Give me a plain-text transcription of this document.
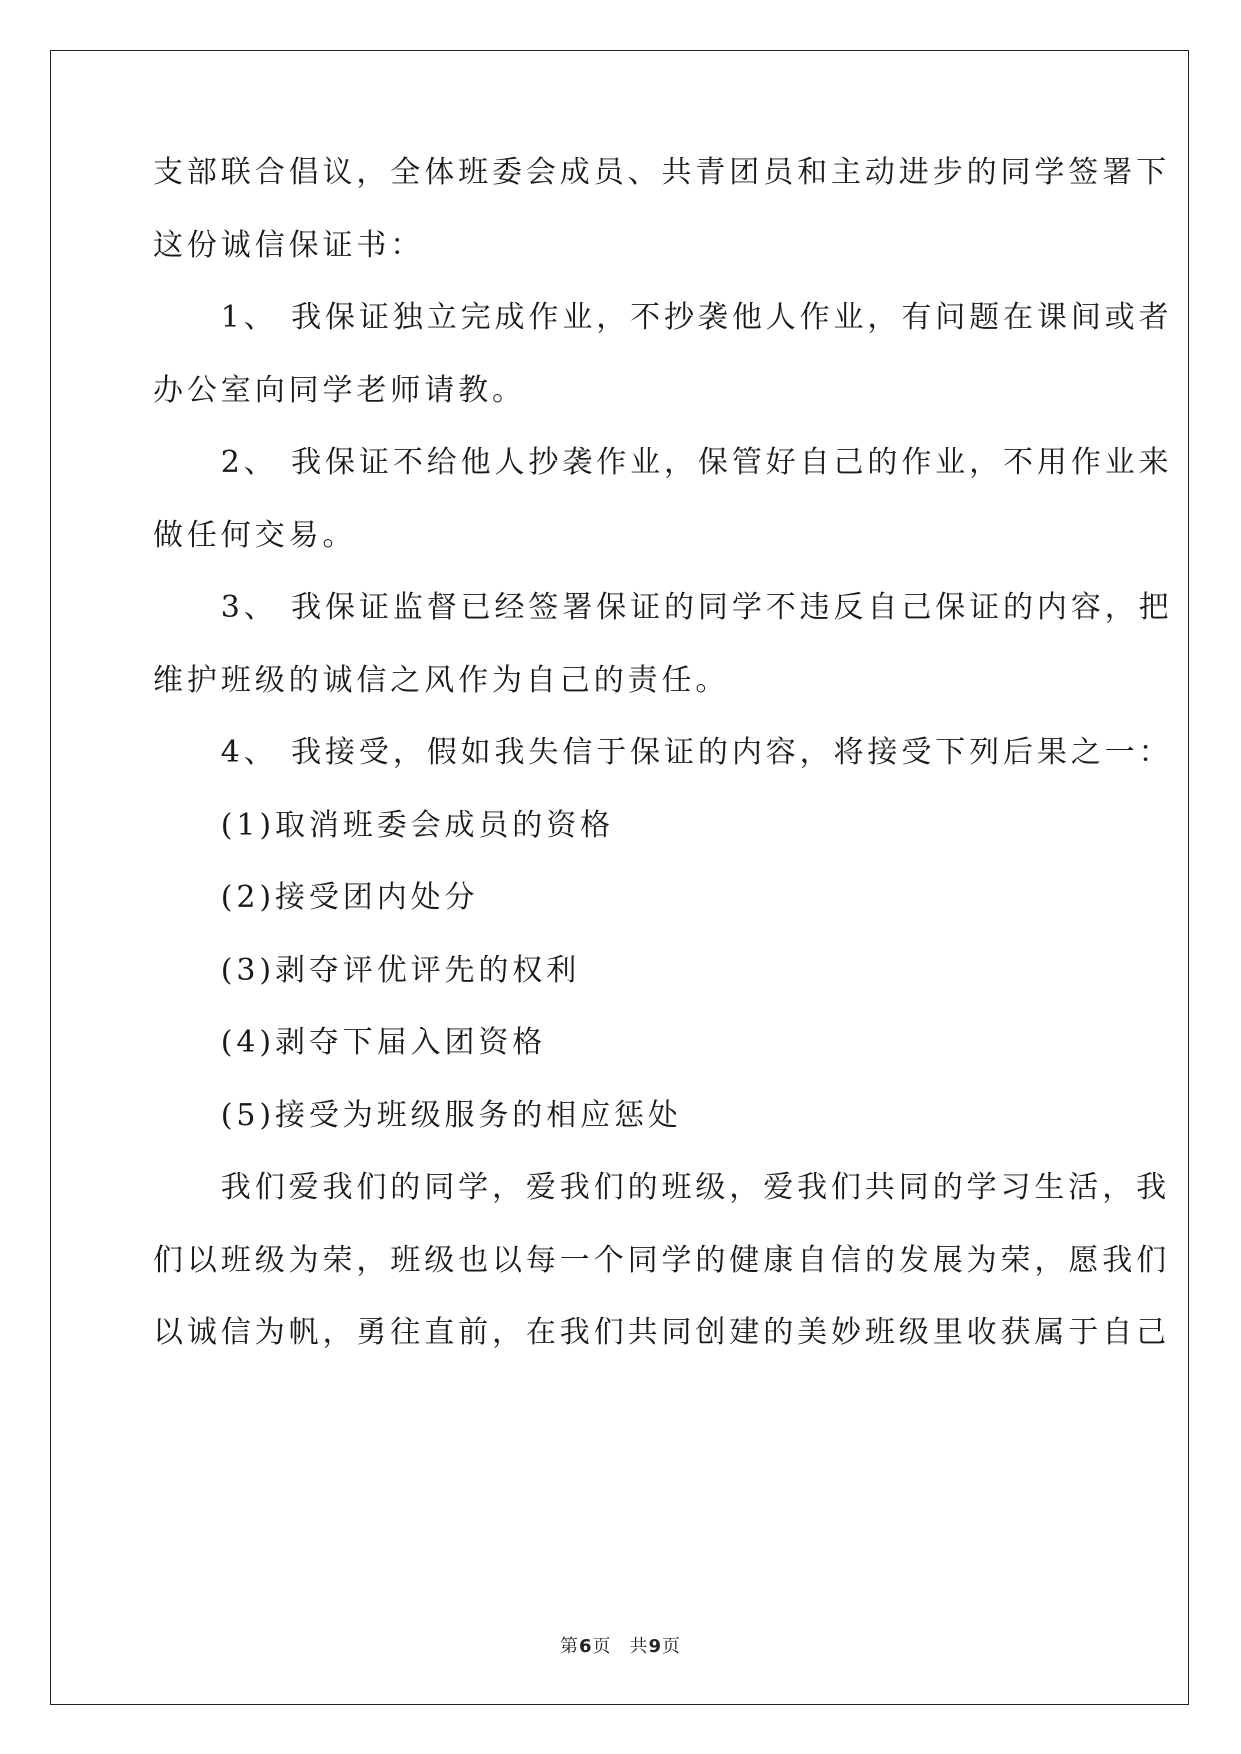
支部联合倡议，全体班委会成员、共青团员和主动进步的同学签署下
这份诚信保证书：
　　1、 我保证独立完成作业，不抄袭他人作业，有问题在课间或者
办公室向同学老师请教。
　　2、 我保证不给他人抄袭作业，保管好自己的作业，不用作业来
做任何交易。
　　3、 我保证监督已经签署保证的同学不违反自己保证的内容，把
维护班级的诚信之风作为自己的责任。
　　4、 我接受，假如我失信于保证的内容，将接受下列后果之一：
　　(1)取消班委会成员的资格
　　(2)接受团内处分
　　(3)剥夺评优评先的权利
　　(4)剥夺下届入团资格
　　(5)接受为班级服务的相应惩处
　　我们爱我们的同学，爱我们的班级，爱我们共同的学习生活，我
们以班级为荣，班级也以每一个同学的健康自信的发展为荣，愿我们
以诚信为帆，勇往直前，在我们共同创建的美妙班级里收获属于自己
第6页 共9页
